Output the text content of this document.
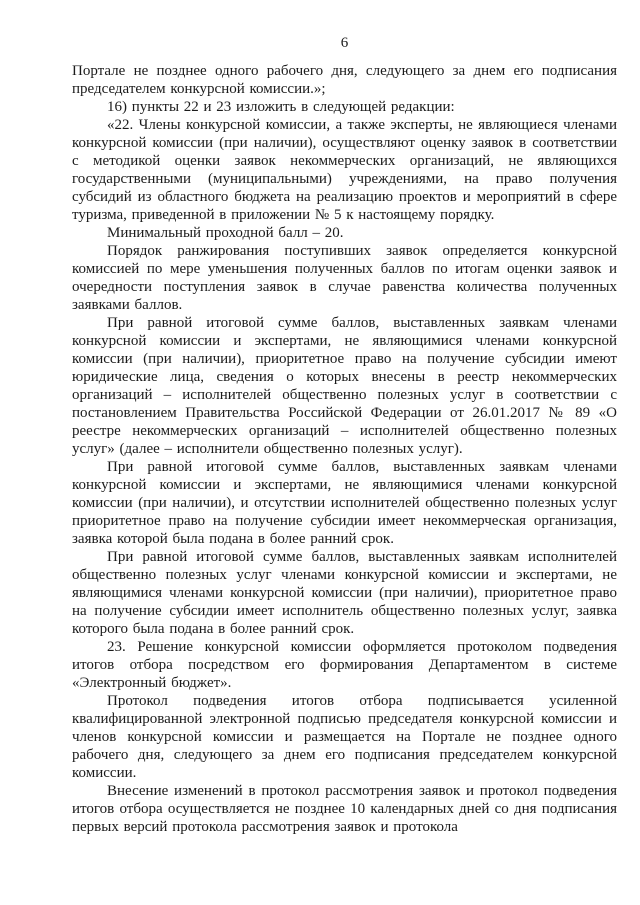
6

Портале не позднее одного рабочего дня, следующего за днем его подписания председателем конкурсной комиссии.»;

16) пункты 22 и 23 изложить в следующей редакции:

«22. Члены конкурсной комиссии, а также эксперты, не являющиеся членами конкурсной комиссии (при наличии), осуществляют оценку заявок в соответствии с методикой оценки заявок некоммерческих организаций, не являющихся государственными (муниципальными) учреждениями, на право получения субсидий из областного бюджета на реализацию проектов и мероприятий в сфере туризма, приведенной в приложении № 5 к настоящему порядку.

Минимальный проходной балл – 20.

Порядок ранжирования поступивших заявок определяется конкурсной комиссией по мере уменьшения полученных баллов по итогам оценки заявок и очередности поступления заявок в случае равенства количества полученных заявками баллов.

При равной итоговой сумме баллов, выставленных заявкам членами конкурсной комиссии и экспертами, не являющимися членами конкурсной комиссии (при наличии), приоритетное право на получение субсидии имеют юридические лица, сведения о которых внесены в реестр некоммерческих организаций – исполнителей общественно полезных услуг в соответствии с постановлением Правительства Российской Федерации от 26.01.2017 № 89 «О реестре некоммерческих организаций – исполнителей общественно полезных услуг» (далее – исполнители общественно полезных услуг).

При равной итоговой сумме баллов, выставленных заявкам членами конкурсной комиссии и экспертами, не являющимися членами конкурсной комиссии (при наличии), и отсутствии исполнителей общественно полезных услуг приоритетное право на получение субсидии имеет некоммерческая организация, заявка которой была подана в более ранний срок.

При равной итоговой сумме баллов, выставленных заявкам исполнителей общественно полезных услуг членами конкурсной комиссии и экспертами, не являющимися членами конкурсной комиссии (при наличии), приоритетное право на получение субсидии имеет исполнитель общественно полезных услуг, заявка которого была подана в более ранний срок.

23. Решение конкурсной комиссии оформляется протоколом подведения итогов отбора посредством его формирования Департаментом в системе «Электронный бюджет».

Протокол подведения итогов отбора подписывается усиленной квалифицированной электронной подписью председателя конкурсной комиссии и членов конкурсной комиссии и размещается на Портале не позднее одного рабочего дня, следующего за днем его подписания председателем конкурсной комиссии.

Внесение изменений в протокол рассмотрения заявок и протокол подведения итогов отбора осуществляется не позднее 10 календарных дней со дня подписания первых версий протокола рассмотрения заявок и протокола
